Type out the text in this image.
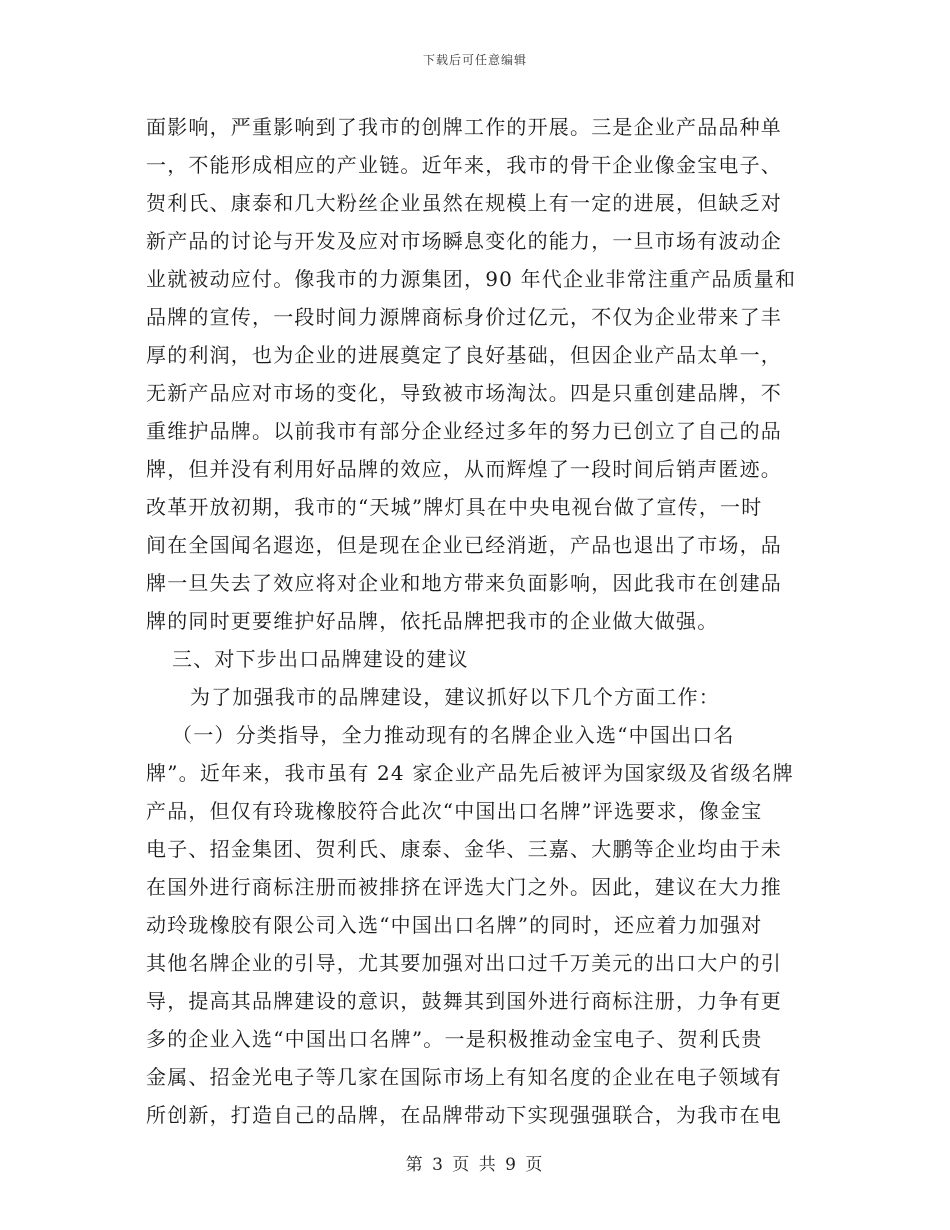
下载后可任意编辑
面影响，严重影响到了我市的创牌工作的开展。三是企业产品品种单
一，不能形成相应的产业链。近年来，我市的骨干企业像金宝电子、
贺利氏、康泰和几大粉丝企业虽然在规模上有一定的进展，但缺乏对
新产品的讨论与开发及应对市场瞬息变化的能力，一旦市场有波动企
业就被动应付。像我市的力源集团，90 年代企业非常注重产品质量和
品牌的宣传，一段时间力源牌商标身价过亿元，不仅为企业带来了丰
厚的利润，也为企业的进展奠定了良好基础，但因企业产品太单一，
无新产品应对市场的变化，导致被市场淘汰。四是只重创建品牌，不
重维护品牌。以前我市有部分企业经过多年的努力已创立了自己的品
牌，但并没有利用好品牌的效应，从而辉煌了一段时间后销声匿迹。
改革开放初期，我市的“天城”牌灯具在中央电视台做了宣传，一时
间在全国闻名遐迩，但是现在企业已经消逝，产品也退出了市场，品
牌一旦失去了效应将对企业和地方带来负面影响，因此我市在创建品
牌的同时更要维护好品牌，依托品牌把我市的企业做大做强。
三、对下步出口品牌建设的建议
为了加强我市的品牌建设，建议抓好以下几个方面工作：
（一）分类指导，全力推动现有的名牌企业入选“中国出口名
牌”。近年来，我市虽有 24 家企业产品先后被评为国家级及省级名牌
产品，但仅有玲珑橡胶符合此次“中国出口名牌”评选要求，像金宝
电子、招金集团、贺利氏、康泰、金华、三嘉、大鹏等企业均由于未
在国外进行商标注册而被排挤在评选大门之外。因此，建议在大力推
动玲珑橡胶有限公司入选“中国出口名牌”的同时，还应着力加强对
其他名牌企业的引导，尤其要加强对出口过千万美元的出口大户的引
导，提高其品牌建设的意识，鼓舞其到国外进行商标注册，力争有更
多的企业入选“中国出口名牌”。一是积极推动金宝电子、贺利氏贵
金属、招金光电子等几家在国际市场上有知名度的企业在电子领域有
所创新，打造自己的品牌，在品牌带动下实现强强联合，为我市在电
第 3 页 共 9 页
